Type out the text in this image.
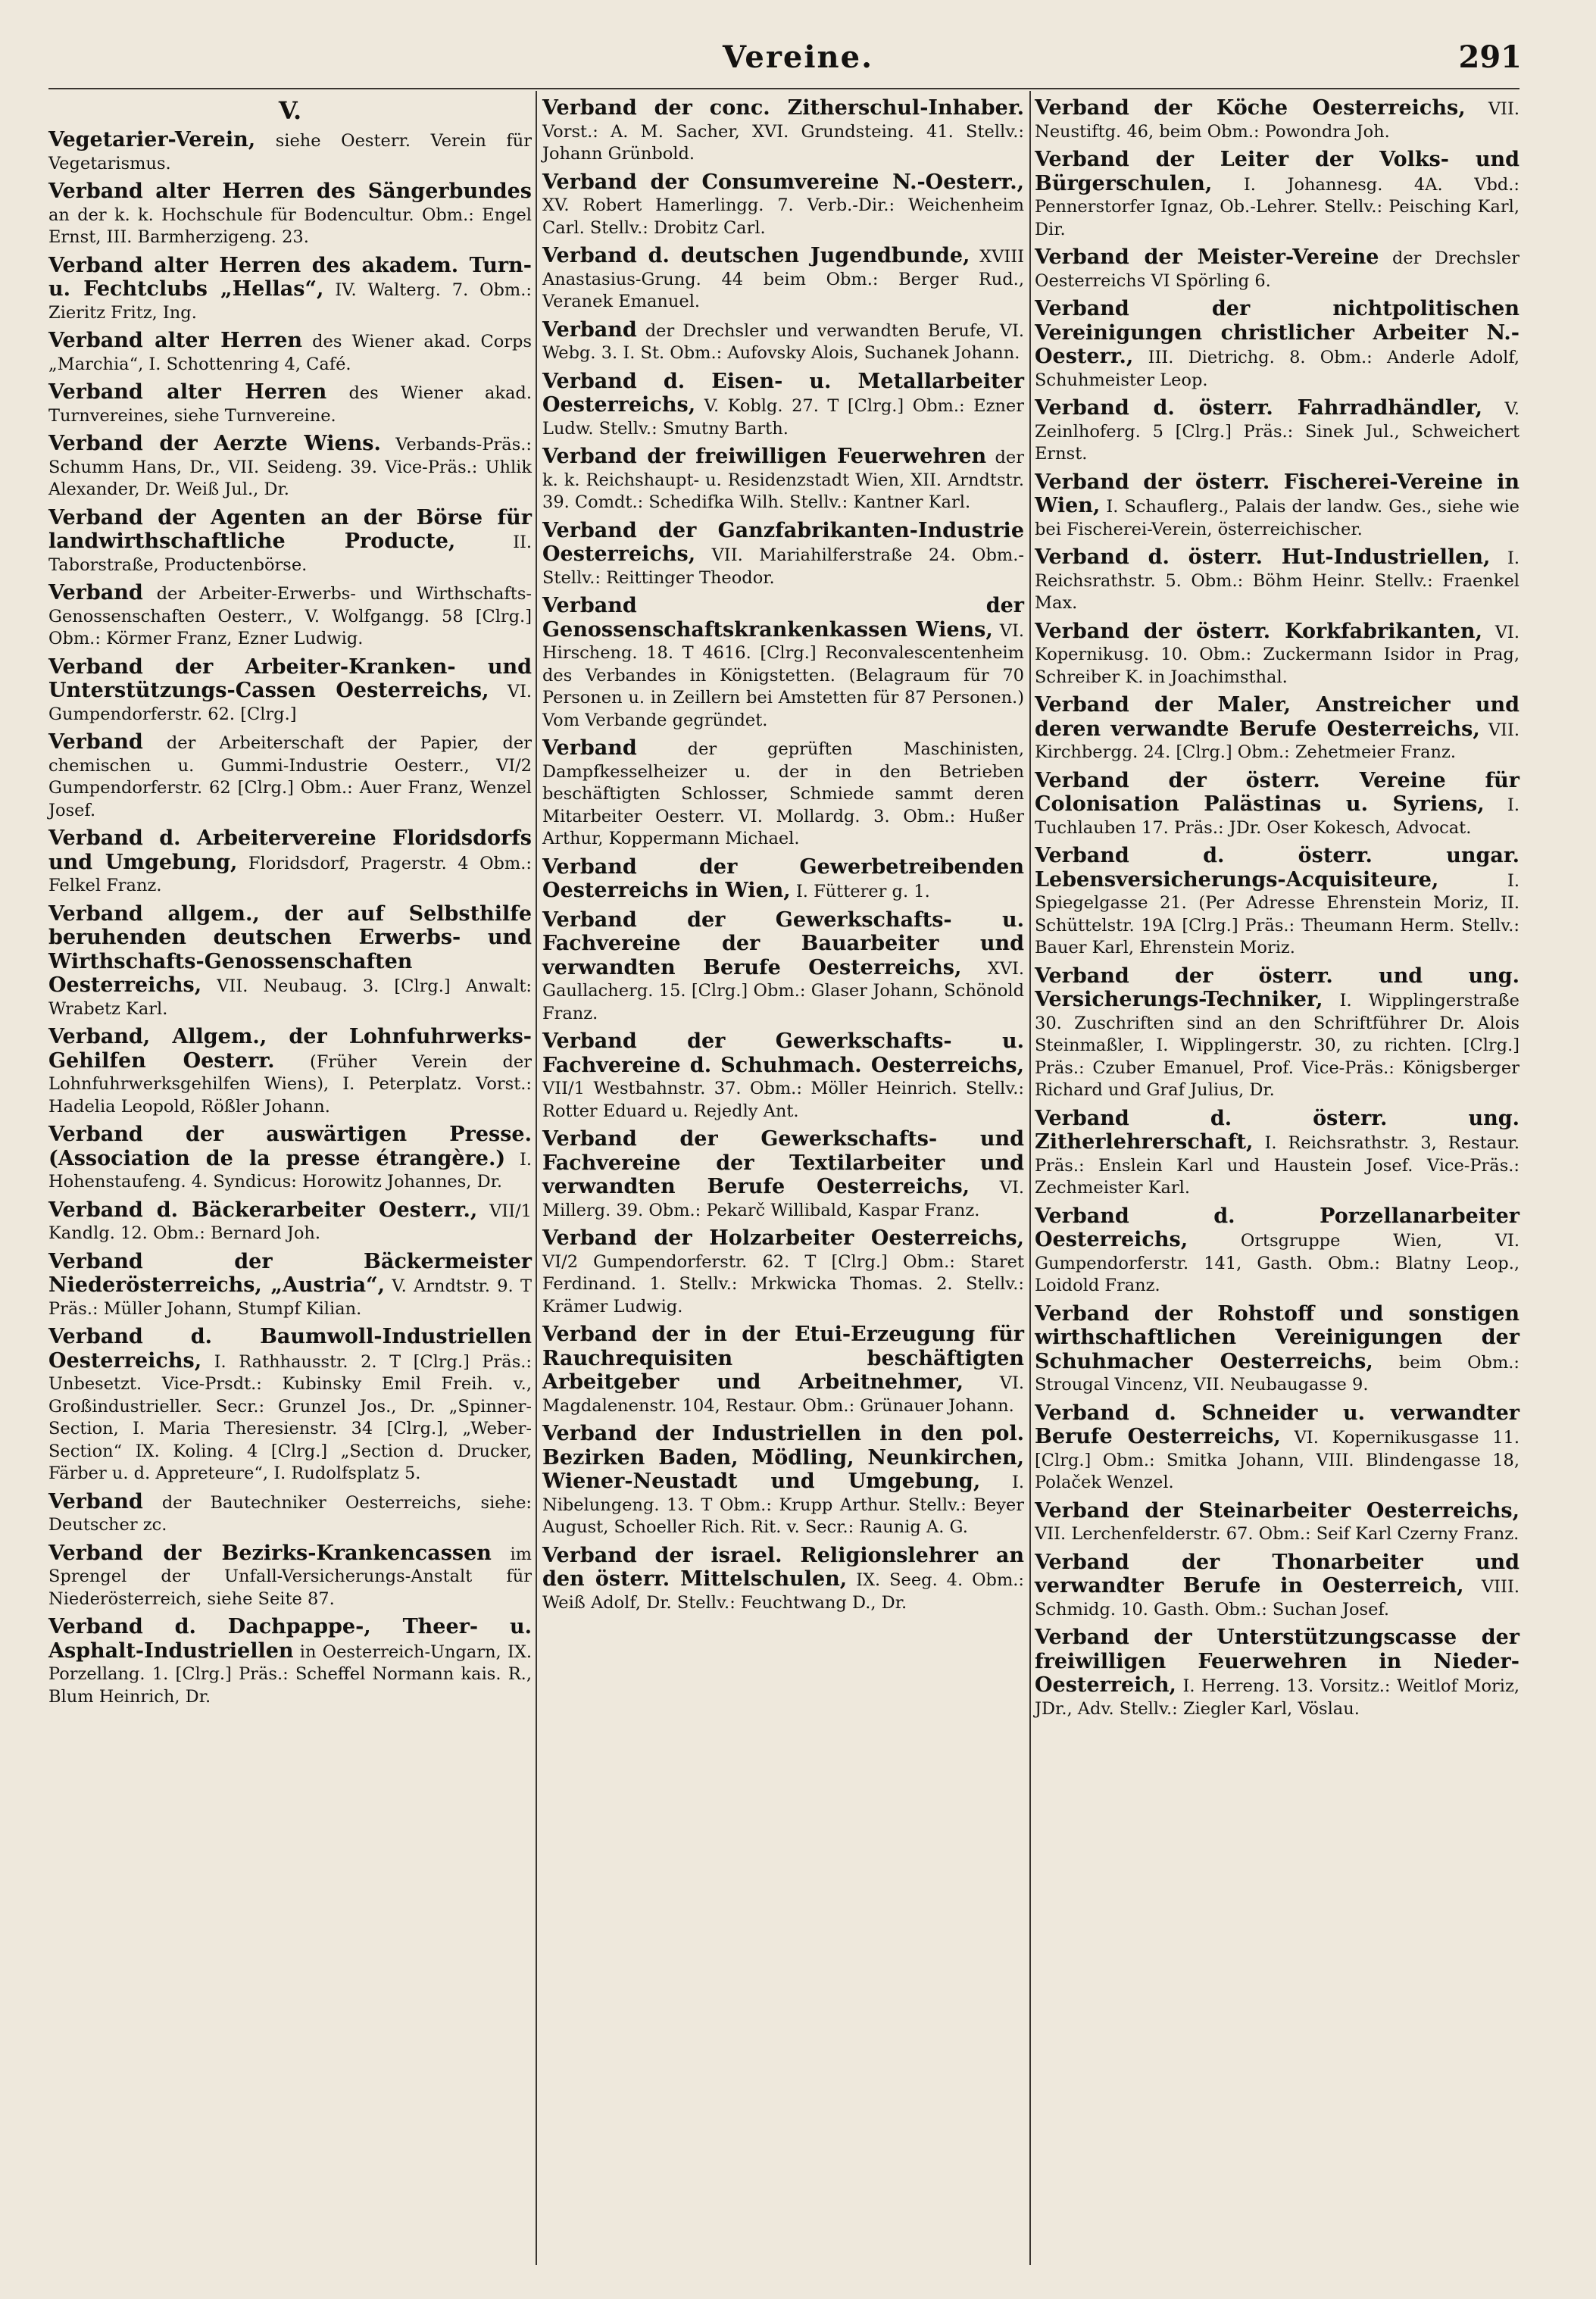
Vereine.	291
V.
Vegetarier-Verein, siehe Oesterr. Verein für Vegetarismus.
Verband alter Herren des Sängerbundes an der k. k. Hochschule für Bodencultur. Obm.: Engel Ernst, III. Barmherzigeng. 23.
Verband alter Herren des akadem. Turn- u. Fechtclubs „Hellas“, IV. Walterg. 7. Obm.: Zieritz Fritz, Ing.
Verband alter Herren des Wiener akad. Corps „Marchia“, I. Schottenring 4, Café.
Verband alter Herren des Wiener akad. Turnvereines, siehe Turnvereine.
Verband der Aerzte Wiens. Verbands-Präs.: Schumm Hans, Dr., VII. Seideng. 39. Vice-Präs.: Uhlik Alexander, Dr. Weiß Jul., Dr.
Verband der Agenten an der Börse für landwirthschaftliche Producte,	II. Taborstraße, Productenbörse.
Verband der Arbeiter-Erwerbs- und Wirthschafts-Genossenschaften Oesterr., V. Wolfgangg. 58 [Clrg.] Obm.: Körmer Franz, Ezner Ludwig.
Verband der Arbeiter-Kranken- und Unterstützungs-Cassen Oesterreichs, VI. Gumpendorferstr. 62. [Clrg.]
Verband der Arbeiterschaft der Papier, der chemischen u. Gummi-Industrie Oesterr., VI/2 Gumpendorferstr. 62 [Clrg.] Obm.: Auer Franz, Wenzel Josef.
Verband d. Arbeitervereine Floridsdorfs und Umgebung, Floridsdorf, Pragerstr. 4 Obm.: Felkel Franz.
Verband allgem., der auf Selbsthilfe beruhenden deutschen Erwerbs- und Wirthschafts-Genossenschaften Oesterreichs, VII. Neubaug. 3. [Clrg.] Anwalt: Wrabetz Karl.
Verband, Allgem., der Lohnfuhrwerks-Gehilfen Oesterr. (Früher Verein der Lohnfuhrwerksgehilfen Wiens), I. Peterplatz. Vorst.: Hadelia Leopold, Rößler Johann.
Verband der auswärtigen Presse. (Association de la presse étrangère.) I. Hohenstaufeng. 4. Syndicus: Horowitz Johannes, Dr.
Verband d. Bäckerarbeiter Oesterr., VII/1 Kandlg. 12. Obm.: Bernard Joh.
Verband der Bäckermeister Niederösterreichs, „Austria“, V. Arndtstr. 9. T Präs.: Müller Johann, Stumpf Kilian.
Verband d. Baumwoll-Industriellen Oesterreichs, I. Rathhausstr. 2. T [Clrg.] Präs.: Unbesetzt. Vice-Prsdt.: Kubinsky Emil Freih. v., Großindustrieller. Secr.: Grunzel Jos., Dr. „Spinner-Section, I. Maria Theresienstr. 34 [Clrg.], „Weber-Section“ IX. Koling. 4 [Clrg.] „Section d. Drucker, Färber u. d. Appreteure“, I. Rudolfsplatz 5.
Verband der Bautechniker Oesterreichs, siehe: Deutscher zc.
Verband der Bezirks-Krankencassen im Sprengel der Unfall-Versicherungs-Anstalt für Niederösterreich, siehe Seite 87.
Verband d. Dachpappe-, Theer- u. Asphalt-Industriellen in Oesterreich-Ungarn, IX. Porzellang. 1. [Clrg.] Präs.: Scheffel Normann kais. R., Blum Heinrich, Dr.
Verband der conc. Zitherschul-Inhaber. Vorst.: A. M. Sacher, XVI. Grundsteing. 41. Stellv.: Johann Grünbold.
Verband der Consumvereine N.-Oesterr., XV. Robert Hamerlingg. 7. Verb.-Dir.: Weichenheim Carl. Stellv.: Drobitz Carl.
Verband d. deutschen Jugendbunde, XVIII Anastasius-Grung. 44 beim Obm.: Berger Rud., Veranek Emanuel.
Verband der Drechsler und verwandten Berufe, VI. Webg. 3. I. St. Obm.: Aufovsky Alois, Suchanek Johann.
Verband d. Eisen- u. Metallarbeiter Oesterreichs, V. Koblg. 27. T [Clrg.] Obm.: Ezner Ludw. Stellv.: Smutny Barth.
Verband der freiwilligen Feuerwehren der k. k. Reichshaupt- u. Residenzstadt Wien, XII. Arndtstr. 39. Comdt.: Schedifka Wilh. Stellv.: Kantner Karl.
Verband der Ganzfabrikanten-Industrie Oesterreichs, VII. Mariahilferstraße 24. Obm.-Stellv.: Reittinger Theodor.
Verband der Genossenschaftskrankenkassen Wiens, VI. Hirscheng. 18. T 4616. [Clrg.] Reconvalescentenheim des Verbandes in Königstetten. (Belagraum für 70 Personen u. in Zeillern bei Amstetten für 87 Personen.) Vom Verbande gegründet.
Verband	der geprüften Maschinisten, Dampfkesselheizer u. der in den Betrieben beschäftigten Schlosser, Schmiede sammt deren Mitarbeiter Oesterr. VI. Mollardg. 3. Obm.: Hußer Arthur, Koppermann Michael.
Verband der Gewerbetreibenden Oesterreichs in Wien, I. Fütterer g. 1.
Verband der Gewerkschafts- u. Fachvereine der Bauarbeiter und verwandten Berufe Oesterreichs, XVI. Gaullacherg. 15. [Clrg.] Obm.: Glaser Johann, Schönold Franz.
Verband der Gewerkschafts- u. Fachvereine d. Schuhmach. Oesterreichs, VII/1 Westbahnstr. 37. Obm.: Möller Heinrich. Stellv.: Rotter Eduard u. Rejedly Ant.
Verband der Gewerkschafts- und Fachvereine der Textilarbeiter und verwandten Berufe Oesterreichs, VI. Millerg. 39. Obm.: Pekarč Willibald, Kaspar Franz.
Verband der Holzarbeiter Oesterreichs, VI/2 Gumpendorferstr. 62. T [Clrg.] Obm.: Staret Ferdinand. 1. Stellv.: Mrkwicka Thomas. 2. Stellv.: Krämer Ludwig.
Verband der in der Etui-Erzeugung für Rauchrequisiten beschäftigten Arbeitgeber und Arbeitnehmer, VI. Magdalenenstr. 104, Restaur. Obm.: Grünauer Johann.
Verband der Industriellen in den pol. Bezirken Baden, Mödling, Neunkirchen, Wiener-Neustadt und Umgebung, I. Nibelungeng. 13. T Obm.: Krupp Arthur. Stellv.: Beyer August, Schoeller Rich. Rit. v. Secr.: Raunig A. G.
Verband der israel. Religionslehrer an den österr. Mittelschulen, IX. Seeg. 4. Obm.: Weiß Adolf, Dr. Stellv.: Feuchtwang D., Dr.
Verband der Köche Oesterreichs, VII. Neustiftg. 46, beim Obm.: Powondra Joh.
Verband der Leiter der Volks- und Bürgerschulen, I. Johannesg. 4A. Vbd.: Pennerstorfer Ignaz, Ob.-Lehrer. Stellv.: Peisching Karl, Dir.
Verband der Meister-Vereine der Drechsler Oesterreichs VI Spörling 6.
Verband der nichtpolitischen Vereinigungen christlicher Arbeiter N.-Oesterr., III. Dietrichg. 8. Obm.: Anderle Adolf, Schuhmeister Leop.
Verband d. österr. Fahrradhändler, V. Zeinlhoferg. 5 [Clrg.] Präs.: Sinek Jul., Schweichert Ernst.
Verband der österr. Fischerei-Vereine in Wien, I. Schauflerg., Palais der landw. Ges., siehe wie bei Fischerei-Verein, österreichischer.
Verband d. österr. Hut-Industriellen, I. Reichsrathstr. 5. Obm.: Böhm Heinr. Stellv.: Fraenkel Max.
Verband der österr. Korkfabrikanten, VI. Kopernikusg. 10. Obm.: Zuckermann Isidor in Prag, Schreiber K. in Joachimsthal.
Verband der Maler, Anstreicher und deren verwandte Berufe Oesterreichs, VII. Kirchbergg. 24. [Clrg.] Obm.: Zehetmeier Franz.
Verband der österr. Vereine für Colonisation Palästinas u. Syriens, I. Tuchlauben 17. Präs.: JDr. Oser Kokesch, Advocat.
Verband d. österr. ungar. Lebensversicherungs-Acquisiteure,	I. Spiegelgasse 21. (Per Adresse Ehrenstein Moriz, II. Schüttelstr. 19A [Clrg.] Präs.: Theumann Herm. Stellv.: Bauer Karl, Ehrenstein Moriz.
Verband der österr. und ung. Versicherungs-Techniker, I. Wipplingerstraße 30. Zuschriften sind an den Schriftführer Dr. Alois Steinmaßler, I. Wipplingerstr. 30, zu richten. [Clrg.] Präs.: Czuber Emanuel, Prof. Vice-Präs.: Königsberger Richard und Graf Julius, Dr.
Verband d. österr. ung. Zitherlehrerschaft, I. Reichsrathstr. 3, Restaur. Präs.: Enslein Karl und Haustein Josef. Vice-Präs.: Zechmeister Karl.
Verband d. Porzellanarbeiter Oesterreichs,	Ortsgruppe Wien, VI. Gumpendorferstr. 141, Gasth. Obm.: Blatny Leop., Loidold Franz.
Verband der Rohstoff und sonstigen wirthschaftlichen Vereinigungen der Schuhmacher Oesterreichs, beim Obm.: Strougal Vincenz, VII. Neubaugasse 9.
Verband d. Schneider u. verwandter Berufe Oesterreichs, VI. Kopernikusgasse 11. [Clrg.] Obm.: Smitka Johann, VIII. Blindengasse 18, Polaček Wenzel.
Verband der Steinarbeiter Oesterreichs, VII. Lerchenfelderstr. 67. Obm.: Seif Karl Czerny Franz.
Verband der Thonarbeiter und verwandter Berufe in Oesterreich, VIII. Schmidg. 10. Gasth. Obm.: Suchan Josef.
Verband der Unterstützungscasse der freiwilligen Feuerwehren in Nieder-Oesterreich, I. Herreng. 13. Vorsitz.: Weitlof Moriz, JDr., Adv. Stellv.: Ziegler Karl, Vöslau.
